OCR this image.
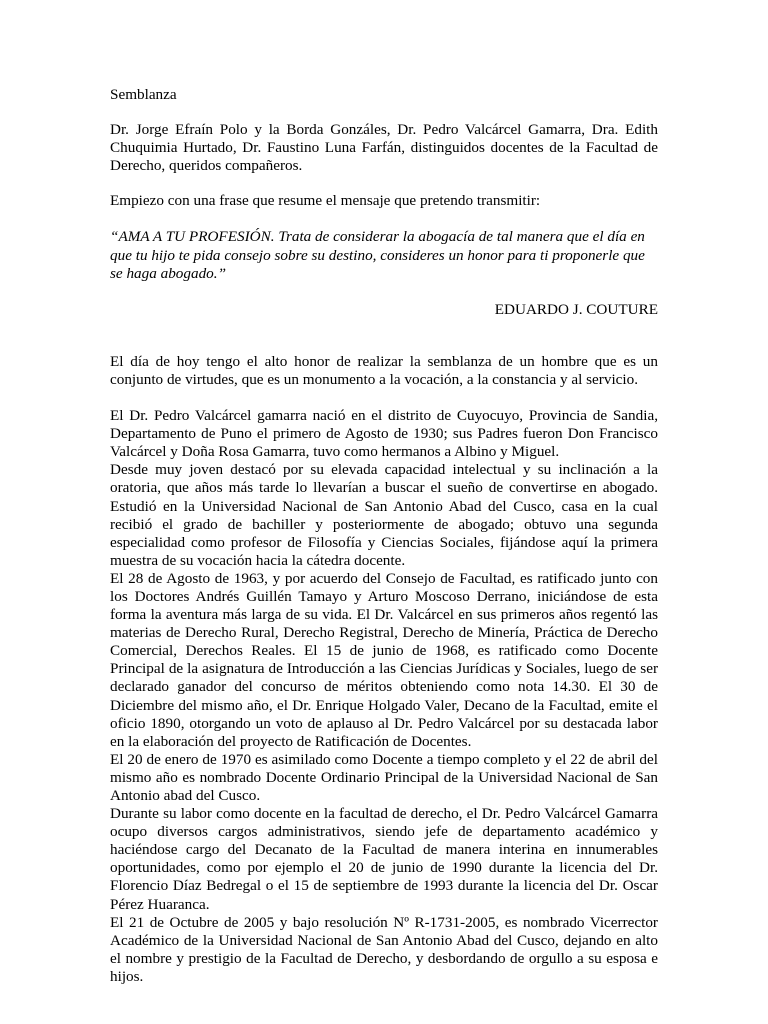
Semblanza

Dr. Jorge Efraín Polo y la Borda Gonzáles, Dr. Pedro Valcárcel Gamarra, Dra. Edith Chuquimia Hurtado, Dr. Faustino Luna Farfán, distinguidos docentes de la Facultad de Derecho, queridos compañeros.

Empiezo con una frase que resume el mensaje que pretendo transmitir:

“AMA A TU PROFESIÓN. Trata de considerar la abogacía de tal manera que el día en que tu hijo te pida consejo sobre su destino, consideres un honor para ti proponerle que se haga abogado.”

EDUARDO J. COUTURE

El día de hoy tengo el alto honor de realizar la semblanza de un hombre que es un conjunto de virtudes, que es un monumento a la vocación, a la constancia y al servicio.

El Dr. Pedro Valcárcel gamarra nació en el distrito de Cuyocuyo, Provincia de Sandia, Departamento de Puno el primero de Agosto de 1930; sus Padres fueron Don Francisco Valcárcel y Doña Rosa Gamarra, tuvo como hermanos a Albino y Miguel.

Desde muy joven destacó por su elevada capacidad intelectual y su inclinación a la oratoria, que años más tarde lo llevarían a buscar el sueño de convertirse en abogado. Estudió en la Universidad Nacional de San Antonio Abad del Cusco, casa en la cual recibió el grado de bachiller y posteriormente de abogado; obtuvo una segunda especialidad como profesor de Filosofía y Ciencias Sociales, fijándose aquí la primera muestra de su vocación hacia la cátedra docente.

El 28 de Agosto de 1963, y por acuerdo del Consejo de Facultad, es ratificado junto con los Doctores Andrés Guillén Tamayo y Arturo Moscoso Derrano, iniciándose de esta forma la aventura más larga de su vida. El Dr. Valcárcel en sus primeros años regentó las materias de Derecho Rural, Derecho Registral, Derecho de Minería, Práctica de Derecho Comercial, Derechos Reales. El 15 de junio de 1968, es ratificado como Docente Principal de la asignatura de Introducción a las Ciencias Jurídicas y Sociales, luego de ser declarado ganador del concurso de méritos obteniendo como nota 14.30. El 30 de Diciembre del mismo año, el Dr. Enrique Holgado Valer, Decano de la Facultad, emite el oficio 1890, otorgando un voto de aplauso al Dr. Pedro Valcárcel por su destacada labor en la elaboración del proyecto de Ratificación de Docentes.

El 20 de enero de 1970 es asimilado como Docente a tiempo completo y el 22 de abril del mismo año es nombrado Docente Ordinario Principal de la Universidad Nacional de San Antonio abad del Cusco.

Durante su labor como docente en la facultad de derecho, el Dr. Pedro Valcárcel Gamarra ocupo diversos cargos administrativos, siendo jefe de departamento académico y haciéndose cargo del Decanato de la Facultad de manera interina en innumerables oportunidades, como por ejemplo el 20 de junio de 1990 durante la licencia del Dr. Florencio Díaz Bedregal o el 15 de septiembre de 1993 durante la licencia del Dr. Oscar Pérez Huaranca.

El 21 de Octubre de 2005 y bajo resolución Nº R-1731-2005, es nombrado Vicerrector Académico de la Universidad Nacional de San Antonio Abad del Cusco, dejando en alto el nombre y prestigio de la Facultad de Derecho, y desbordando de orgullo a su esposa e hijos.
